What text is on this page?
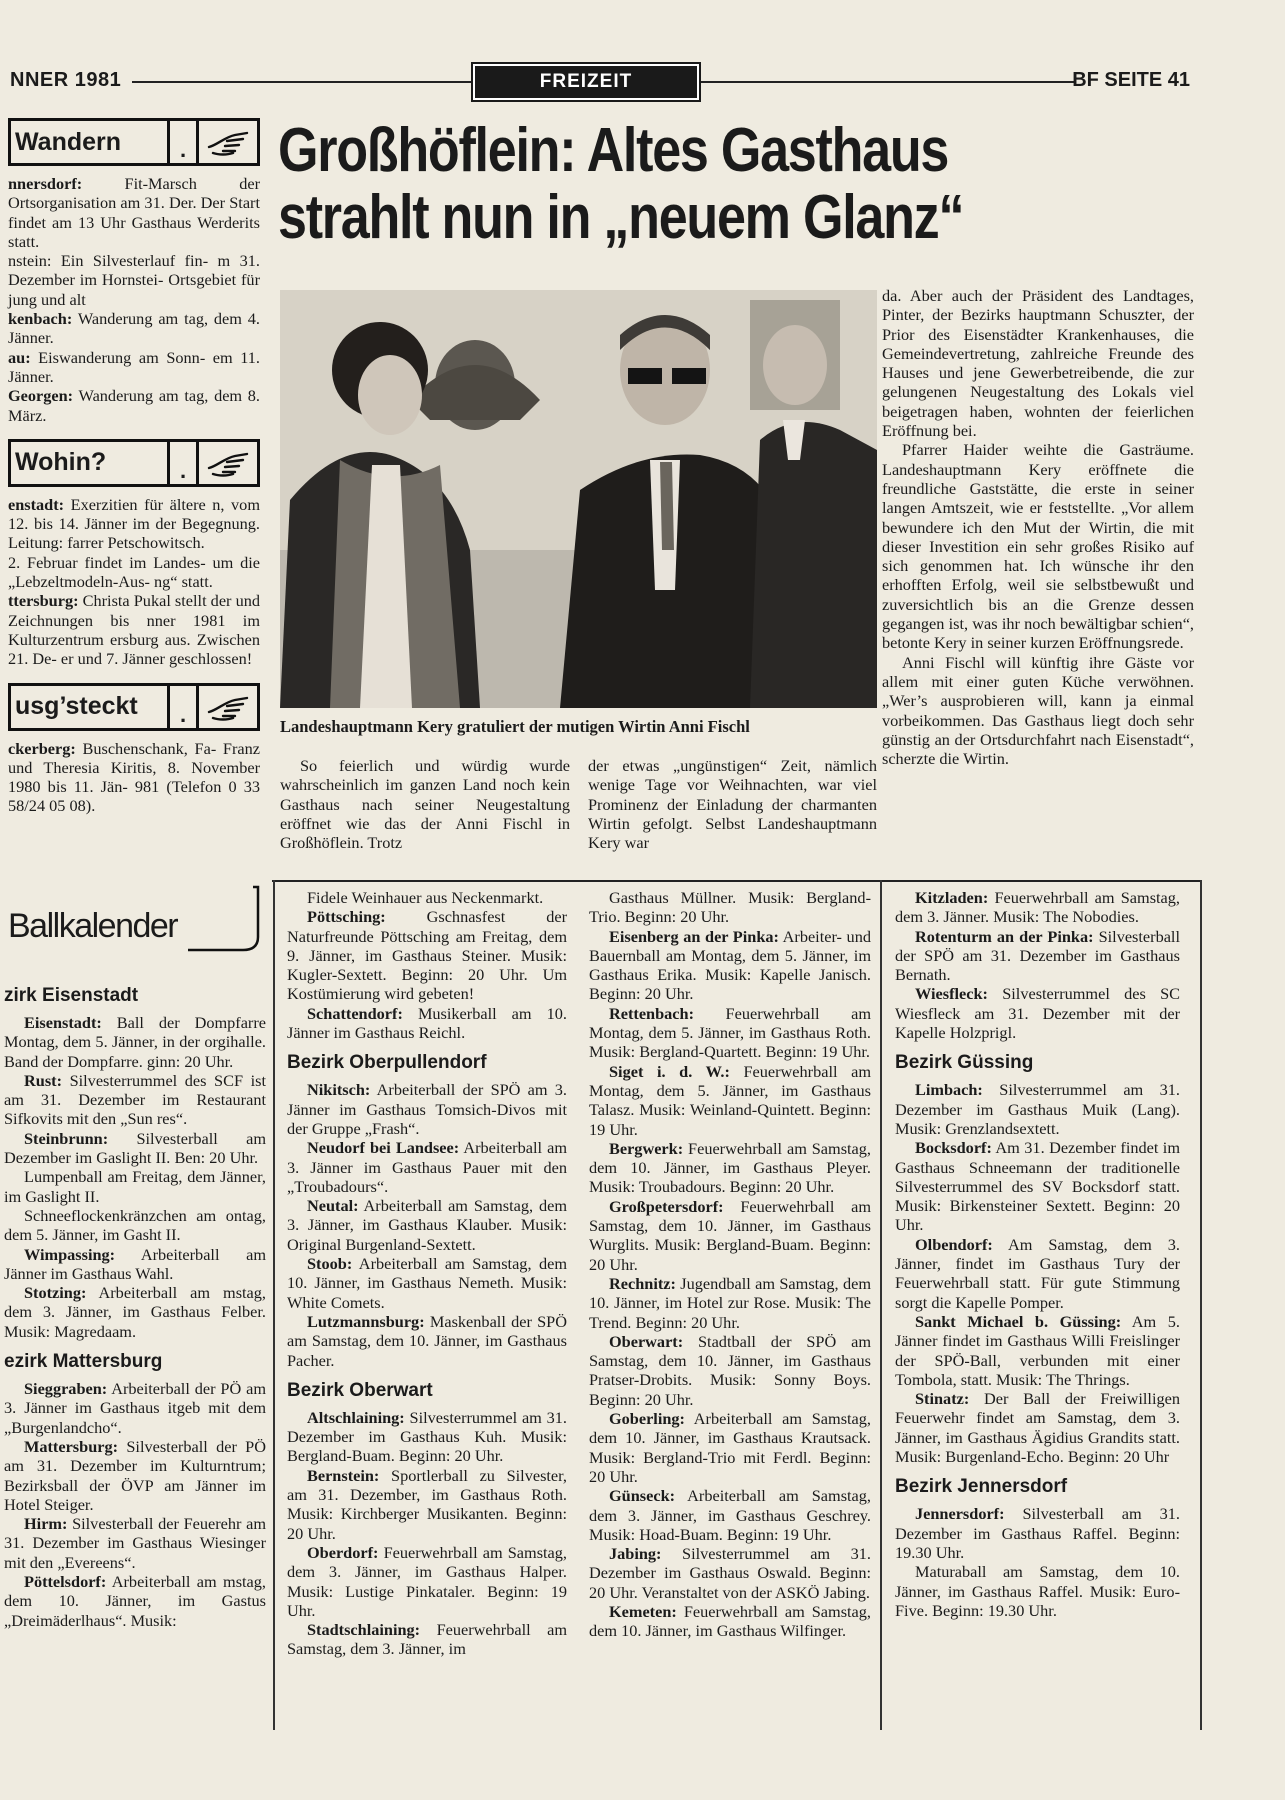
NNER 1981	FREIZEIT	BF SEITE 41
Großhöflein: Altes Gasthaus
strahlt nun in „neuem Glanz“
Wandern	.

nnersdorf: Fit-Marsch der Ortsorganisation am 31. Der. Der Start findet am 13 Uhr Gasthaus Werderits statt.

nstein: Ein Silvesterlauf fin- m 31. Dezember im Hornstei- Ortsgebiet für jung und alt

kenbach: Wanderung am tag, dem 4. Jänner.

au: Eiswanderung am Sonn- em 11. Jänner.

Georgen: Wanderung am tag, dem 8. März.

Wohin?	.

enstadt: Exerzitien für ältere n, vom 12. bis 14. Jänner im der Begegnung. Leitung: farrer Petschowitsch.

2. Februar findet im Landes- um die „Lebzeltmodeln-Aus- ng“ statt.

ttersburg: Christa Pukal stellt der und Zeichnungen bis nner 1981 im Kulturzentrum ersburg aus. Zwischen 21. De- er und 7. Jänner geschlossen!

usg’steckt	.

ckerberg: Buschenschank, Fa- Franz und Theresia Kiritis, 8. November 1980 bis 11. Jän- 981 (Telefon 0 33 58/24 05 08).

Landeshauptmann Kery gratuliert der mutigen Wirtin Anni Fischl

da. Aber auch der Präsident des Landtages, Pinter, der Bezirks hauptmann Schuszter, der Prior des Eisenstädter Krankenhauses, die Gemeindevertretung, zahlreiche Freunde des Hauses und jene Gewerbetreibende, die zur gelungenen Neugestaltung des Lokals viel beigetragen haben, wohnten der feierlichen Eröffnung bei.

Pfarrer Haider weihte die Gasträume. Landeshauptmann Kery eröffnete die freundliche Gaststätte, die erste in seiner langen Amtszeit, wie er feststellte. „Vor allem bewundere ich den Mut der Wirtin, die mit dieser Investition ein sehr großes Risiko auf sich genommen hat. Ich wünsche ihr den erhofften Erfolg, weil sie selbstbewußt und zuversichtlich bis an die Grenze dessen gegangen ist, was ihr noch bewältigbar schien“, betonte Kery in seiner kurzen Eröffnungsrede.

Anni Fischl will künftig ihre Gäste vor allem mit einer guten Küche verwöhnen. „Wer’s ausprobieren will, kann ja einmal vorbeikommen. Das Gasthaus liegt doch sehr günstig an der Ortsdurchfahrt nach Eisenstadt“, scherzte die Wirtin.

So feierlich und würdig wurde wahrscheinlich im ganzen Land noch kein Gasthaus nach seiner Neugestaltung eröffnet wie das der Anni Fischl in Großhöflein. Trotz
der etwas „ungünstigen“ Zeit, nämlich wenige Tage vor Weihnachten, war viel Prominenz der Einladung der charmanten Wirtin gefolgt. Selbst Landeshauptmann Kery war
Ballkalender
zirk Eisenstadt

Eisenstadt: Ball der Dompfarre Montag, dem 5. Jänner, in der orgihalle. Band der Dompfarre. ginn: 20 Uhr.

Rust: Silvesterrummel des SCF ist am 31. Dezember im Restaurant Sifkovits mit den „Sun res“.

Steinbrunn: Silvesterball am Dezember im Gaslight II. Ben: 20 Uhr.

Lumpenball am Freitag, dem Jänner, im Gaslight II.

Schneeflockenkränzchen am ontag, dem 5. Jänner, im Gasht II.

Wimpassing: Arbeiterball am Jänner im Gasthaus Wahl.

Stotzing: Arbeiterball am mstag, dem 3. Jänner, im Gasthaus Felber. Musik: Magredaam.

ezirk Mattersburg

Sieggraben: Arbeiterball der PÖ am 3. Jänner im Gasthaus itgeb mit dem „Burgenlandcho“.

Mattersburg: Silvesterball der PÖ am 31. Dezember im Kulturntrum; Bezirksball der ÖVP am Jänner im Hotel Steiger.

Hirm: Silvesterball der Feuerehr am 31. Dezember im Gasthaus Wiesinger mit den „Evereens“.

Pöttelsdorf: Arbeiterball am mstag, dem 10. Jänner, im Gastus „Dreimäderlhaus“. Musik:

Fidele Weinhauer aus Neckenmarkt.

Pöttsching: Gschnasfest der Naturfreunde Pöttsching am Freitag, dem 9. Jänner, im Gasthaus Steiner. Musik: Kugler-Sextett. Beginn: 20 Uhr. Um Kostümierung wird gebeten!

Schattendorf: Musikerball am 10. Jänner im Gasthaus Reichl.

Bezirk Oberpullendorf

Nikitsch: Arbeiterball der SPÖ am 3. Jänner im Gasthaus Tomsich-Divos mit der Gruppe „Frash“.

Neudorf bei Landsee: Arbeiterball am 3. Jänner im Gasthaus Pauer mit den „Troubadours“.

Neutal: Arbeiterball am Samstag, dem 3. Jänner, im Gasthaus Klauber. Musik: Original Burgenland-Sextett.

Stoob: Arbeiterball am Samstag, dem 10. Jänner, im Gasthaus Nemeth. Musik: White Comets.

Lutzmannsburg: Maskenball der SPÖ am Samstag, dem 10. Jänner, im Gasthaus Pacher.

Bezirk Oberwart

Altschlaining: Silvesterrummel am 31. Dezember im Gasthaus Kuh. Musik: Bergland-Buam. Beginn: 20 Uhr.

Bernstein: Sportlerball zu Silvester, am 31. Dezember, im Gasthaus Roth. Musik: Kirchberger Musikanten. Beginn: 20 Uhr.

Oberdorf: Feuerwehrball am Samstag, dem 3. Jänner, im Gasthaus Halper. Musik: Lustige Pinkataler. Beginn: 19 Uhr.

Stadtschlaining: Feuerwehrball am Samstag, dem 3. Jänner, im

Gasthaus Müllner. Musik: Bergland-Trio. Beginn: 20 Uhr.

Eisenberg an der Pinka: Arbeiter- und Bauernball am Montag, dem 5. Jänner, im Gasthaus Erika. Musik: Kapelle Janisch. Beginn: 20 Uhr.

Rettenbach: Feuerwehrball am Montag, dem 5. Jänner, im Gasthaus Roth. Musik: Bergland-Quartett. Beginn: 19 Uhr.

Siget i. d. W.: Feuerwehrball am Montag, dem 5. Jänner, im Gasthaus Talasz. Musik: Weinland-Quintett. Beginn: 19 Uhr.

Bergwerk: Feuerwehrball am Samstag, dem 10. Jänner, im Gasthaus Pleyer. Musik: Troubadours. Beginn: 20 Uhr.

Großpetersdorf: Feuerwehrball am Samstag, dem 10. Jänner, im Gasthaus Wurglits. Musik: Bergland-Buam. Beginn: 20 Uhr.

Rechnitz: Jugendball am Samstag, dem 10. Jänner, im Hotel zur Rose. Musik: The Trend. Beginn: 20 Uhr.

Oberwart: Stadtball der SPÖ am Samstag, dem 10. Jänner, im Gasthaus Pratser-Drobits. Musik: Sonny Boys. Beginn: 20 Uhr.

Goberling: Arbeiterball am Samstag, dem 10. Jänner, im Gasthaus Krautsack. Musik: Bergland-Trio mit Ferdl. Beginn: 20 Uhr.

Günseck: Arbeiterball am Samstag, dem 3. Jänner, im Gasthaus Geschrey. Musik: Hoad-Buam. Beginn: 19 Uhr.

Jabing: Silvesterrummel am 31. Dezember im Gasthaus Oswald. Beginn: 20 Uhr. Veranstaltet von der ASKÖ Jabing.

Kemeten: Feuerwehrball am Samstag, dem 10. Jänner, im Gasthaus Wilfinger.

Kitzladen: Feuerwehrball am Samstag, dem 3. Jänner. Musik: The Nobodies.

Rotenturm an der Pinka: Silvesterball der SPÖ am 31. Dezember im Gasthaus Bernath.

Wiesfleck: Silvesterrummel des SC Wiesfleck am 31. Dezember mit der Kapelle Holzprigl.

Bezirk Güssing

Limbach: Silvesterrummel am 31. Dezember im Gasthaus Muik (Lang). Musik: Grenzlandsextett.

Bocksdorf: Am 31. Dezember findet im Gasthaus Schneemann der traditionelle Silvesterrummel des SV Bocksdorf statt. Musik: Birkensteiner Sextett. Beginn: 20 Uhr.

Olbendorf: Am Samstag, dem 3. Jänner, findet im Gasthaus Tury der Feuerwehrball statt. Für gute Stimmung sorgt die Kapelle Pomper.

Sankt Michael b. Güssing: Am 5. Jänner findet im Gasthaus Willi Freislinger der SPÖ-Ball, verbunden mit einer Tombola, statt. Musik: The Thrings.

Stinatz: Der Ball der Freiwilligen Feuerwehr findet am Samstag, dem 3. Jänner, im Gasthaus Ägidius Grandits statt. Musik: Burgenland-Echo. Beginn: 20 Uhr

Bezirk Jennersdorf

Jennersdorf: Silvesterball am 31. Dezember im Gasthaus Raffel. Beginn: 19.30 Uhr.

Maturaball am Samstag, dem 10. Jänner, im Gasthaus Raffel. Musik: Euro-Five. Beginn: 19.30 Uhr.
